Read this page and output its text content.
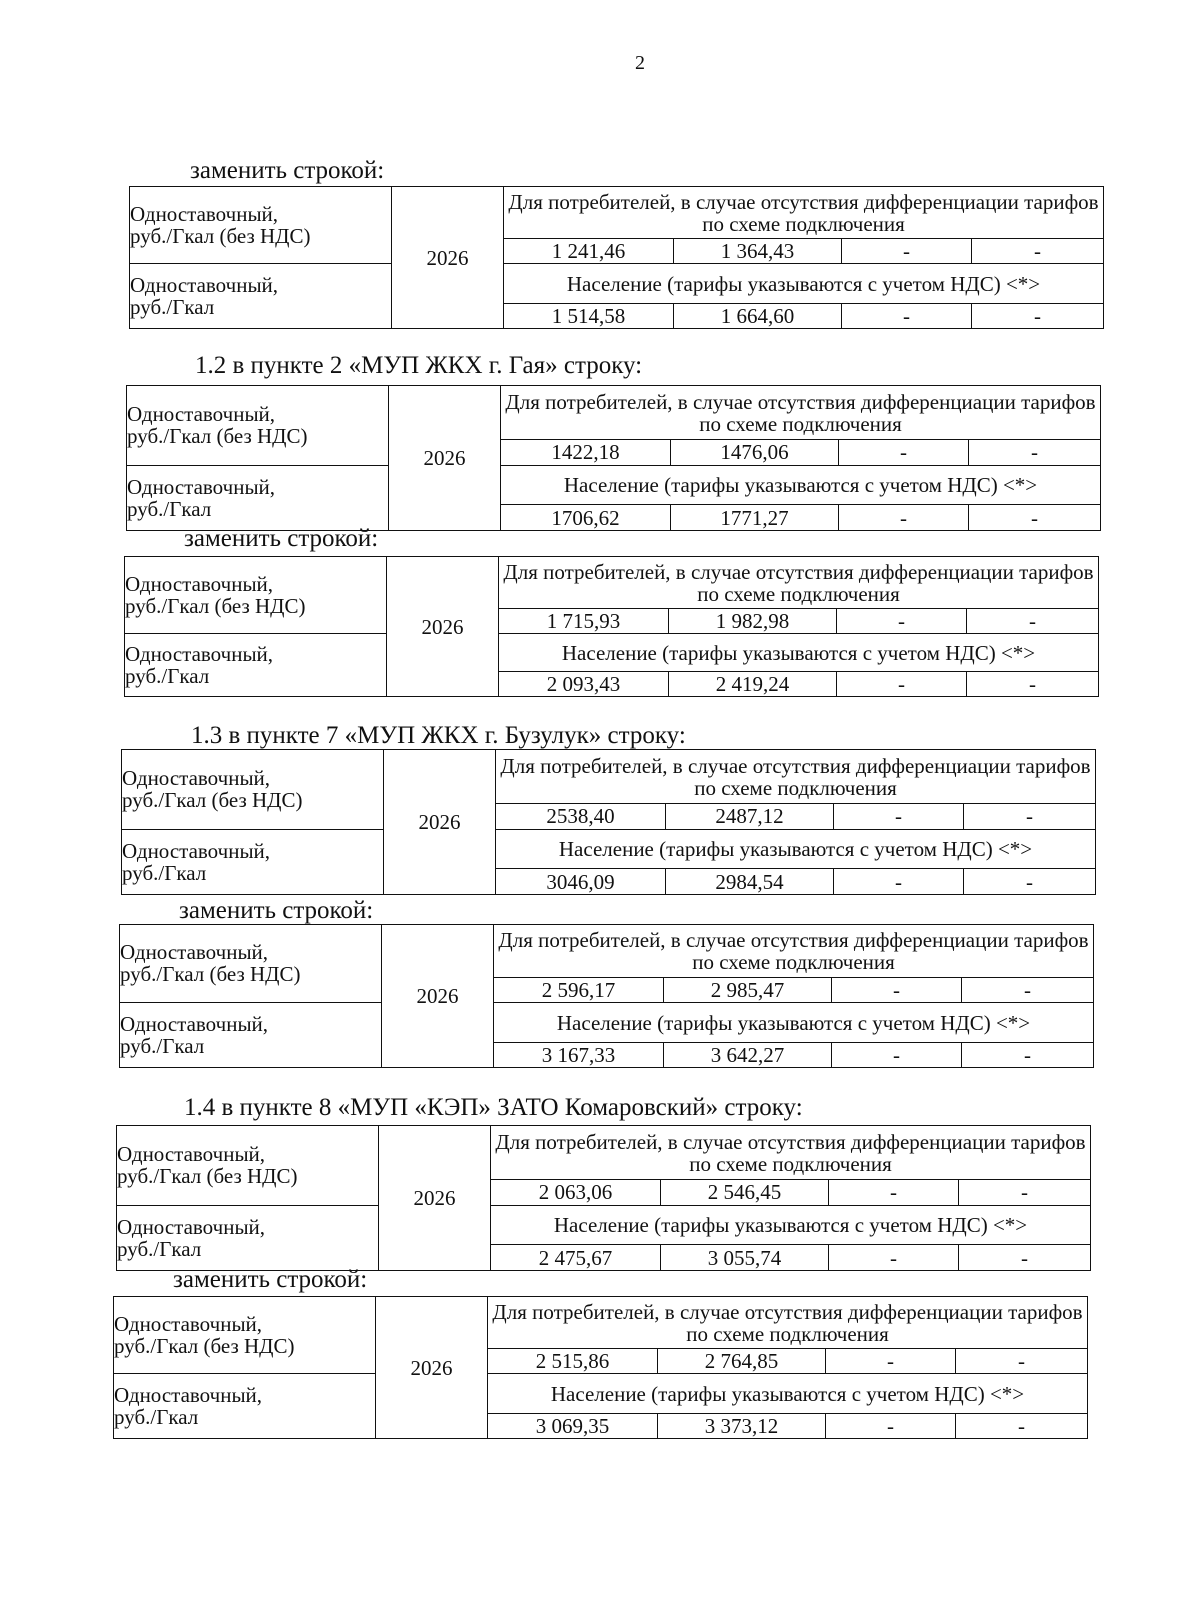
2
заменить строкой:
1.2 в пункте 2 «МУП ЖКХ г. Гая» строку:
заменить строкой:
1.3 в пункте 7 «МУП ЖКХ г. Бузулук» строку:
заменить строкой:
1.4 в пункте 8 «МУП «КЭП» ЗАТО Комаровский» строку:
заменить строкой:
Одноставочный,
руб./Гкал (без НДС)	2026	Для потребителей, в случае отсутствия дифференциации тарифов по схеме подключения			
		1 241,46	1 364,43	-	-

Одноставочный,
руб./Гкал		Население (тарифы указываются с учетом НДС) <*>			
		1 514,58	1 664,60	-	-
Одноставочный,
руб./Гкал (без НДС)	2026	Для потребителей, в случае отсутствия дифференциации тарифов по схеме подключения			
		1422,18	1476,06	-	-

Одноставочный,
руб./Гкал		Население (тарифы указываются с учетом НДС) <*>			
		1706,62	1771,27	-	-
Одноставочный,
руб./Гкал (без НДС)	2026	Для потребителей, в случае отсутствия дифференциации тарифов по схеме подключения			
		1 715,93	1 982,98	-	-

Одноставочный,
руб./Гкал		Население (тарифы указываются с учетом НДС) <*>			
		2 093,43	2 419,24	-	-
Одноставочный,
руб./Гкал (без НДС)	2026	Для потребителей, в случае отсутствия дифференциации тарифов по схеме подключения			
		2538,40	2487,12	-	-

Одноставочный,
руб./Гкал		Население (тарифы указываются с учетом НДС) <*>			
		3046,09	2984,54	-	-
Одноставочный,
руб./Гкал (без НДС)	2026	Для потребителей, в случае отсутствия дифференциации тарифов по схеме подключения			
		2 596,17	2 985,47	-	-

Одноставочный,
руб./Гкал		Население (тарифы указываются с учетом НДС) <*>			
		3 167,33	3 642,27	-	-
Одноставочный,
руб./Гкал (без НДС)	2026	Для потребителей, в случае отсутствия дифференциации тарифов по схеме подключения			
		2 063,06	2 546,45	-	-

Одноставочный,
руб./Гкал		Население (тарифы указываются с учетом НДС) <*>			
		2 475,67	3 055,74	-	-
Одноставочный,
руб./Гкал (без НДС)	2026	Для потребителей, в случае отсутствия дифференциации тарифов по схеме подключения			
		2 515,86	2 764,85	-	-

Одноставочный,
руб./Гкал		Население (тарифы указываются с учетом НДС) <*>			
		3 069,35	3 373,12	-	-
